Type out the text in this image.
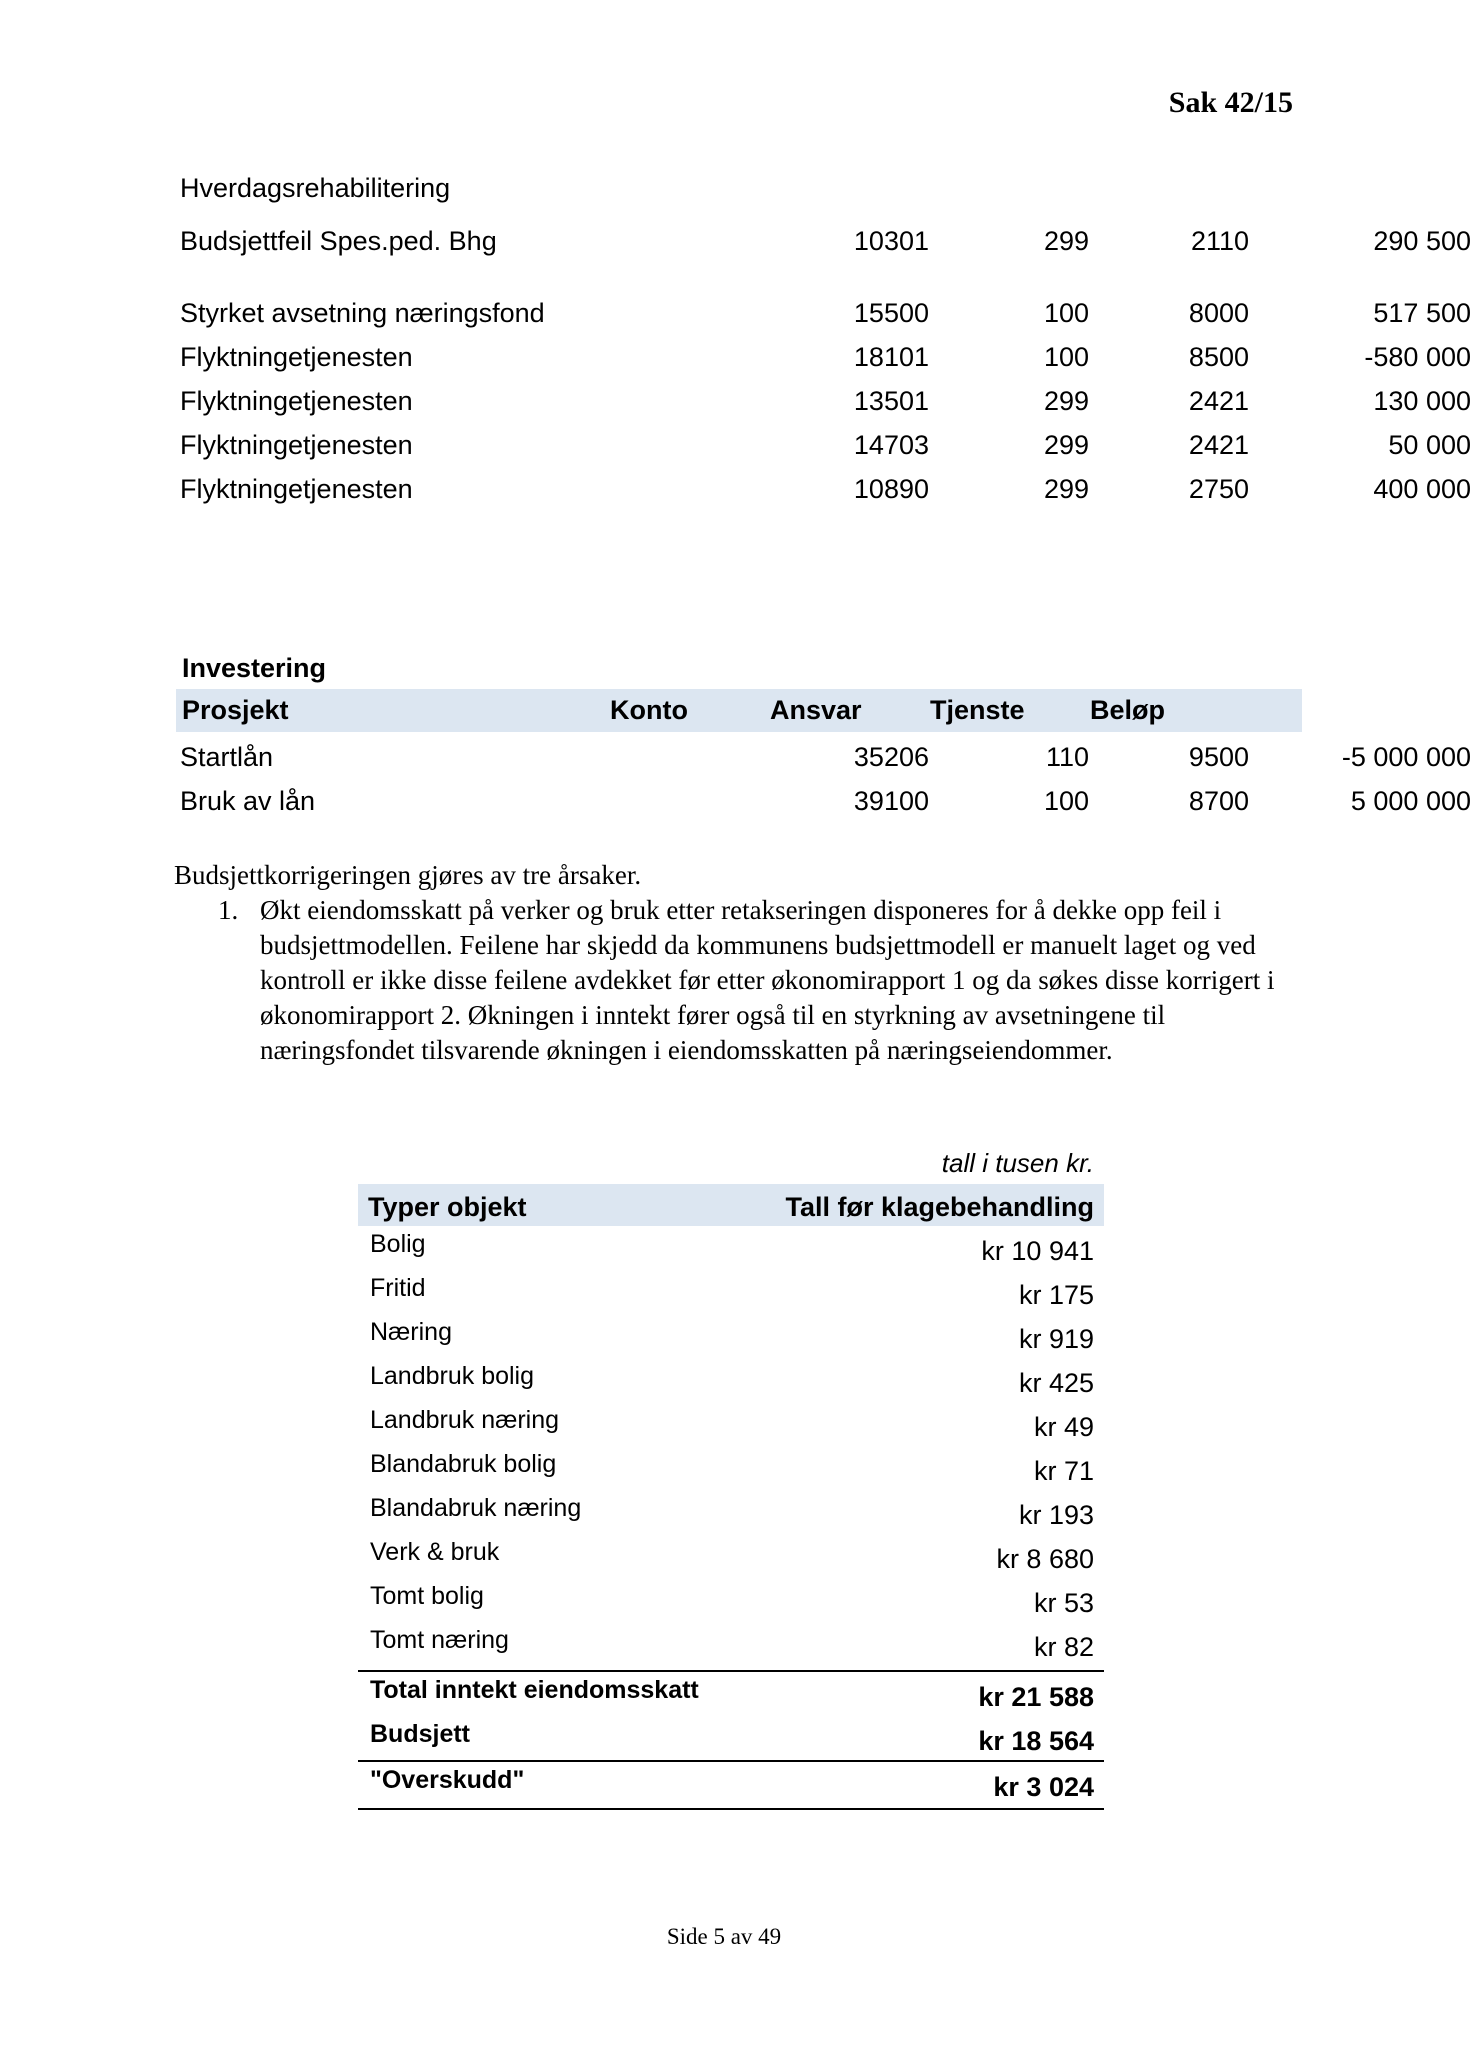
Sak 42/15
Hverdagsrehabilitering
Budsjettfeil Spes.ped. Bhg	10301	299	2110	290 500
Styrket avsetning næringsfond	15500	100	8000	517 500
Flyktningetjenesten	18101	100	8500	-580 000
Flyktningetjenesten	13501	299	2421	130 000
Flyktningetjenesten	14703	299	2421	50 000
Flyktningetjenesten	10890	299	2750	400 000
Investering
Prosjekt	Konto	Ansvar	Tjenste Beløp
Startlån	35206	110	9500	-5 000 000
Bruk av lån	39100	100	8700	5 000 000
Budsjettkorrigeringen gjøres av tre årsaker.
1. Økt eiendomsskatt på verker og bruk etter retakseringen disponeres for å dekke opp feil i budsjettmodellen. Feilene har skjedd da kommunens budsjettmodell er manuelt laget og ved kontroll er ikke disse feilene avdekket før etter økonomirapport 1 og da søkes disse korrigert i økonomirapport 2. Økningen i inntekt fører også til en styrkning av avsetningene til næringsfondet tilsvarende økningen i eiendomsskatten på næringseiendommer.
tall i tusen kr.
Typer objekt	Tall før klagebehandling
Bolig	kr 10 941
Fritid	kr 175
Næring	kr 919
Landbruk bolig	kr 425
Landbruk næring	kr 49
Blandabruk bolig	kr 71
Blandabruk næring	kr 193
Verk & bruk	kr 8 680
Tomt bolig	kr 53
Tomt næring	kr 82
Total inntekt eiendomsskatt	kr 21 588
Budsjett	kr 18 564
"Overskudd"	kr 3 024
Side 5 av 49
